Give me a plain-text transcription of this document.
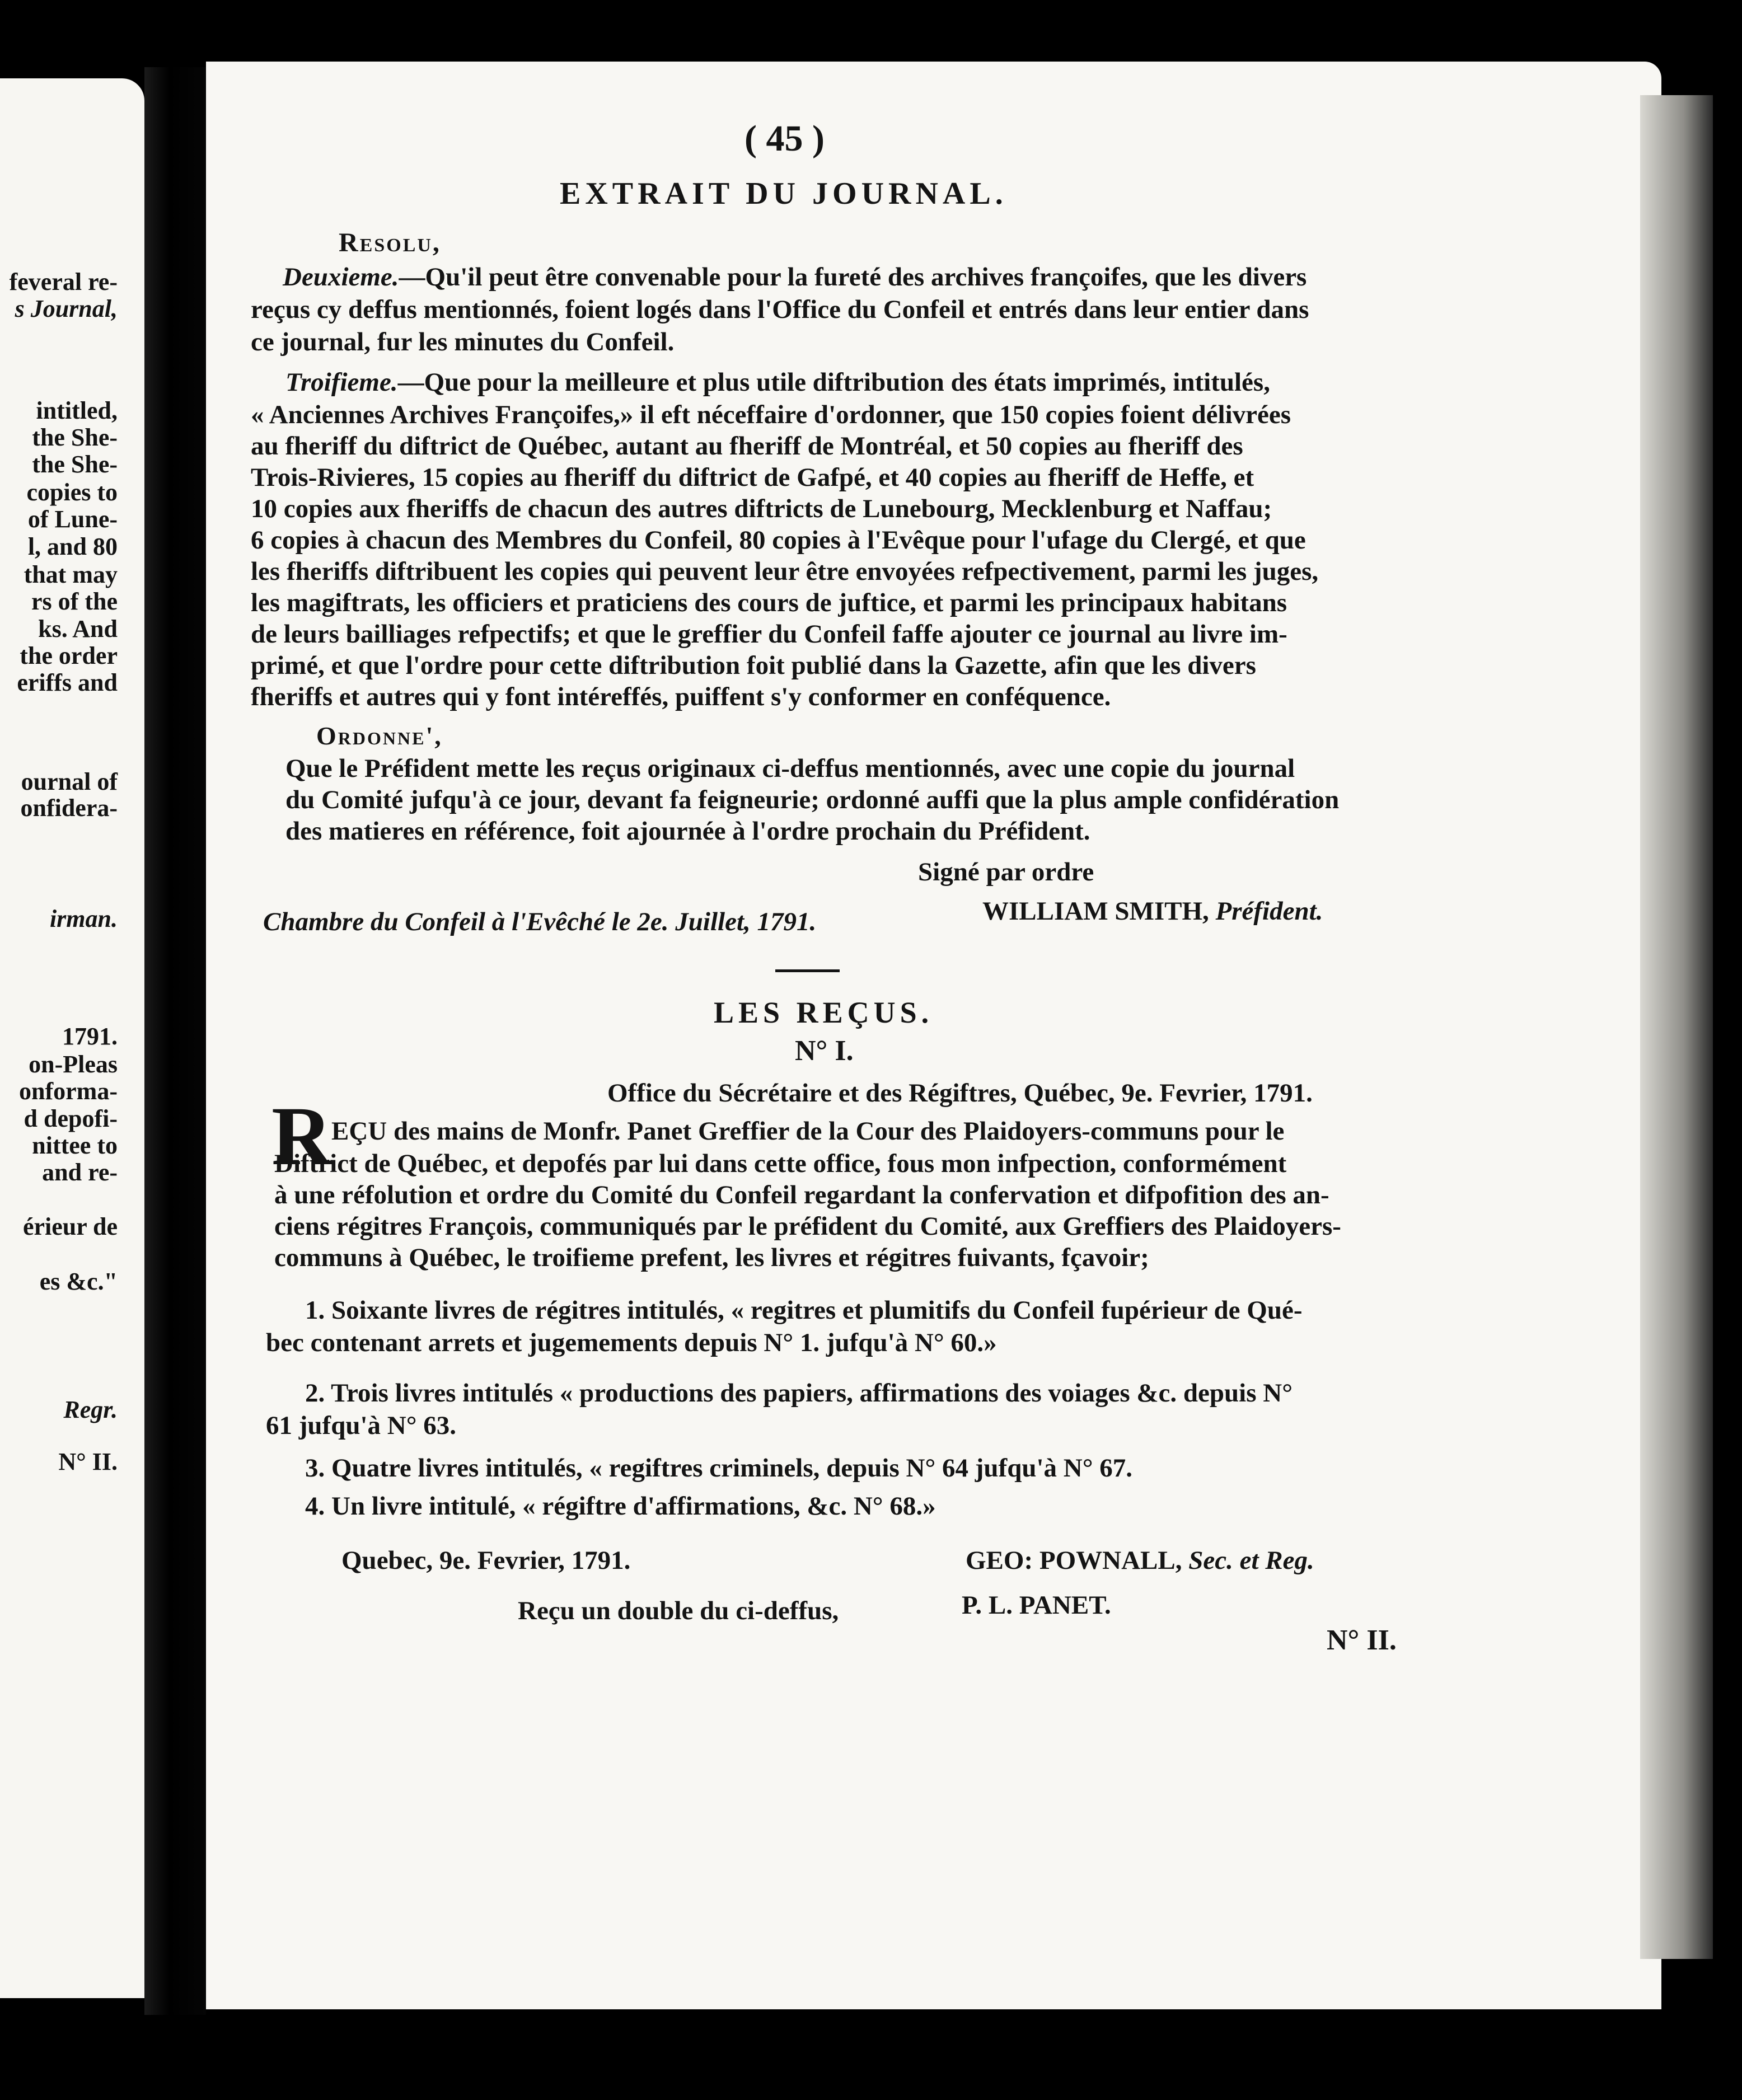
feveral re-
s Journal,
intitled,
the She-
the She-
copies to
of Lune-
l, and 80
that may
rs of the
ks. And
the order
eriffs and
ournal of
onfidera-
irman.
1791.
on-Pleas
onforma-
d depofi-
nittee to
and re-
érieur de
es &c."
Regr.
N° II.
( 45 )
EXTRAIT DU JOURNAL.
Resolu,
Deuxieme.—Qu'il peut être convenable pour la fureté des archives françoifes, que les divers
reçus cy deffus mentionnés, foient logés dans l'Office du Confeil et entrés dans leur entier dans
ce journal, fur les minutes du Confeil.
Troifieme.—Que pour la meilleure et plus utile diftribution des états imprimés, intitulés,
« Anciennes Archives Françoifes,» il eft néceffaire d'ordonner, que 150 copies foient délivrées
au fheriff du diftrict de Québec, autant au fheriff de Montréal, et 50 copies au fheriff des
Trois-Rivieres, 15 copies au fheriff du diftrict de Gafpé, et 40 copies au fheriff de Heffe, et
10 copies aux fheriffs de chacun des autres diftricts de Lunebourg, Mecklenburg et Naffau;
6 copies à chacun des Membres du Confeil, 80 copies à l'Evêque pour l'ufage du Clergé, et que
les fheriffs diftribuent les copies qui peuvent leur être envoyées refpectivement, parmi les juges,
les magiftrats, les officiers et praticiens des cours de juftice, et parmi les principaux habitans
de leurs bailliages refpectifs; et que le greffier du Confeil faffe ajouter ce journal au livre im-
primé, et que l'ordre pour cette diftribution foit publié dans la Gazette, afin que les divers
fheriffs et autres qui y font intéreffés, puiffent s'y conformer en conféquence.
Ordonne',
Que le Préfident mette les reçus originaux ci-deffus mentionnés, avec une copie du journal
du Comité jufqu'à ce jour, devant fa feigneurie; ordonné auffi que la plus ample confidération
des matieres en référence, foit ajournée à l'ordre prochain du Préfident.
Signé par ordre
Chambre du Confeil à l'Evêché le 2e. Juillet, 1791.	WILLIAM SMITH, Préfident.
LES REÇUS.
N° I.
Office du Sécrétaire et des Régiftres, Québec, 9e. Fevrier, 1791.
R
EÇU des mains de Monfr. Panet Greffier de la Cour des Plaidoyers-communs pour le
Diftrict de Québec, et depofés par lui dans cette office, fous mon infpection, conformément
à une réfolution et ordre du Comité du Confeil regardant la confervation et difpofition des an-
ciens régitres François, communiqués par le préfident du Comité, aux Greffiers des Plaidoyers-
communs à Québec, le troifieme prefent, les livres et régitres fuivants, fçavoir;
1. Soixante livres de régitres intitulés, « regitres et plumitifs du Confeil fupérieur de Qué-
bec contenant arrets et jugemements depuis N° 1. jufqu'à N° 60.»
2. Trois livres intitulés « productions des papiers, affirmations des voiages &c. depuis N°
61 jufqu'à N° 63.
3. Quatre livres intitulés, « regiftres criminels, depuis N° 64 jufqu'à N° 67.
4. Un livre intitulé, « régiftre d'affirmations, &c. N° 68.»
Quebec, 9e. Fevrier, 1791.	GEO: POWNALL, Sec. et Reg.
Reçu un double du ci-deffus,	P. L. PANET.
N° II.
